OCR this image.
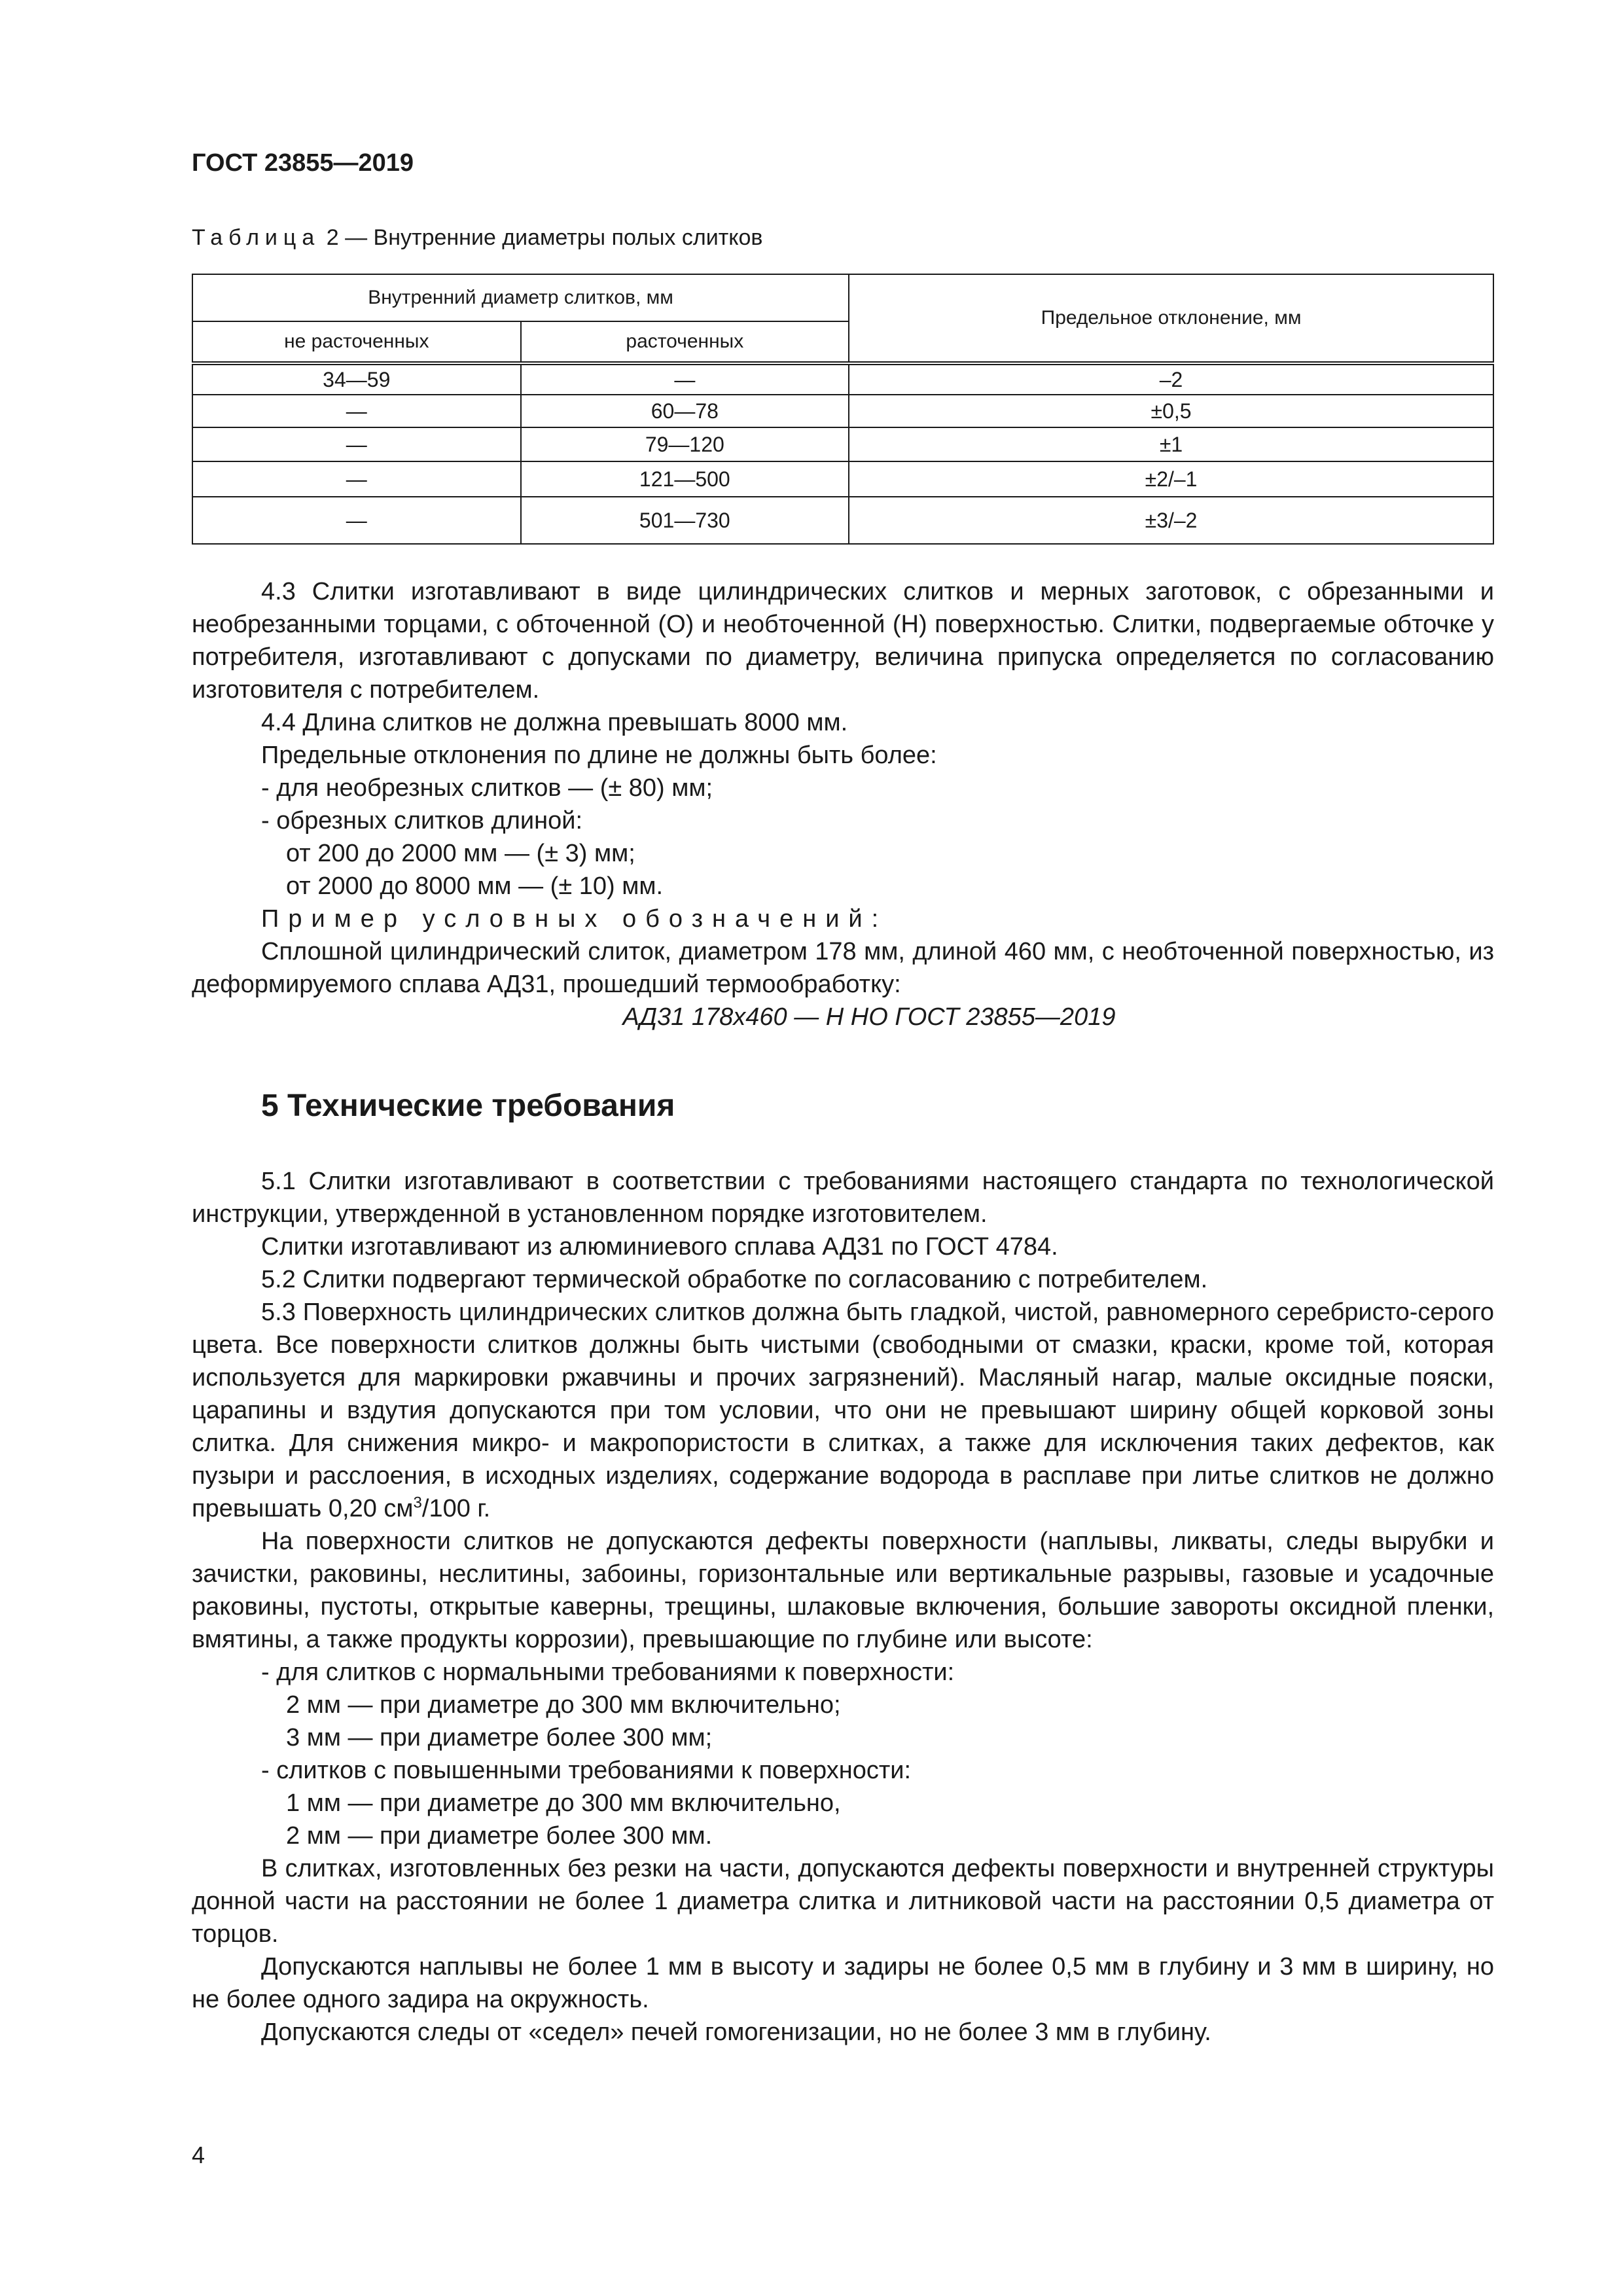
ГОСТ 23855—2019
Таблица 2 — Внутренние диаметры полых слитков
Внутренний диаметр слитков, мм		Предельное отклонение, мм
не расточенных	расточенных	
34—59	—	–2
—	60—78	±0,5
—	79—120	±1
—	121—500	±2/–1
—	501—730	±3/–2

4.3 Слитки изготавливают в виде цилиндрических слитков и мерных заготовок, с обрезанными и необрезанными торцами, с обточенной (О) и необточенной (Н) поверхностью. Слитки, подвергаемые обточке у потребителя, изготавливают с допусками по диаметру, величина припуска определяется по согласованию изготовителя с потребителем.

4.4 Длина слитков не должна превышать 8000 мм.

Предельные отклонения по длине не должны быть более:

- для необрезных слитков — (± 80) мм;

- обрезных слитков длиной:

от 200 до 2000 мм — (± 3) мм;

от 2000 до 8000 мм — (± 10) мм.

Пример условных обозначений:

Сплошной цилиндрический слиток, диаметром 178 мм, длиной 460 мм, с необточенной поверхностью, из деформируемого сплава АД31, прошедший термообработку:

АД31 178х460 — Н НО ГОСТ 23855—2019

5 Технические требования

5.1 Слитки изготавливают в соответствии с требованиями настоящего стандарта по технологической инструкции, утвержденной в установленном порядке изготовителем.

Слитки изготавливают из алюминиевого сплава АД31 по ГОСТ 4784.

5.2 Слитки подвергают термической обработке по согласованию с потребителем.

5.3 Поверхность цилиндрических слитков должна быть гладкой, чистой, равномерного серебристо-серого цвета. Все поверхности слитков должны быть чистыми (свободными от смазки, краски, кроме той, которая используется для маркировки ржавчины и прочих загрязнений). Масляный нагар, малые оксидные пояски, царапины и вздутия допускаются при том условии, что они не превышают ширину общей корковой зоны слитка. Для снижения микро- и макропористости в слитках, а также для исключения таких дефектов, как пузыри и расслоения, в исходных изделиях, содержание водорода в расплаве при литье слитков не должно превышать 0,20 $см^3/100$ г.

На поверхности слитков не допускаются дефекты поверхности (наплывы, ликваты, следы вырубки и зачистки, раковины, неслитины, забоины, горизонтальные или вертикальные разрывы, газовые и усадочные раковины, пустоты, открытые каверны, трещины, шлаковые включения, большие завороты оксидной пленки, вмятины, а также продукты коррозии), превышающие по глубине или высоте:

- для слитков с нормальными требованиями к поверхности:

2 мм — при диаметре до 300 мм включительно;

3 мм — при диаметре более 300 мм;

- слитков с повышенными требованиями к поверхности:

1 мм — при диаметре до 300 мм включительно,

2 мм — при диаметре более 300 мм.

В слитках, изготовленных без резки на части, допускаются дефекты поверхности и внутренней структуры донной части на расстоянии не более 1 диаметра слитка и литниковой части на расстоянии 0,5 диаметра от торцов.

Допускаются наплывы не более 1 мм в высоту и задиры не более 0,5 мм в глубину и 3 мм в ширину, но не более одного задира на окружность.

Допускаются следы от «седел» печей гомогенизации, но не более 3 мм в глубину.

4
